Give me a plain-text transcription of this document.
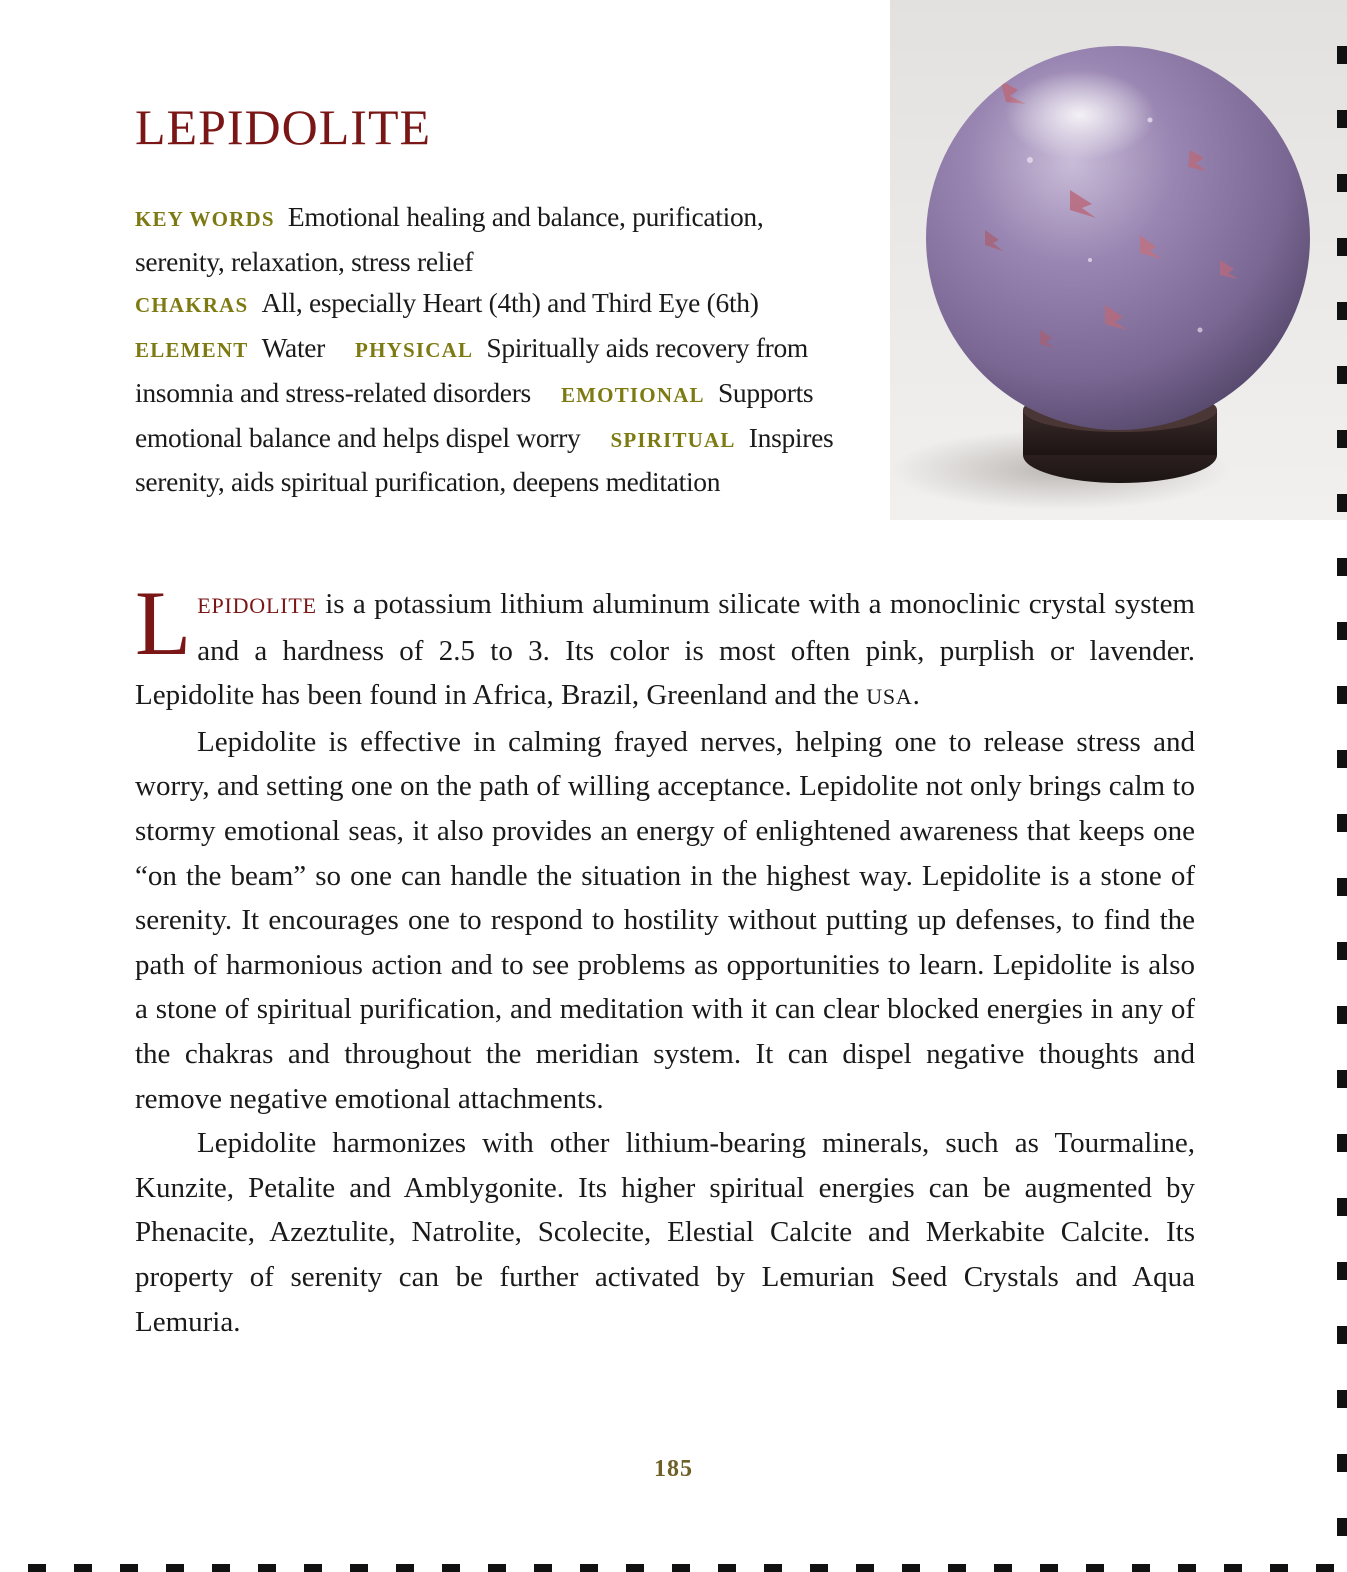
LEPIDOLITE

KEY WORDS Emotional healing and balance, purification, serenity, relaxation, stress relief

CHAKRAS All, especially Heart (4th) and Third Eye (6th)ELEMENT Water PHYSICAL Spiritually aids recovery from insomnia and stress-related disorders EMOTIONAL Supports emotional balance and helps dispel worry SPIRITUAL Inspires serenity, aids spiritual purification, deepens meditation

LEPIDOLITE is a potassium lithium aluminum silicate with a monoclinic crystal system and a hardness of 2.5 to 3. Its color is most often pink, purplish or lavender. Lepidolite has been found in Africa, Brazil, Greenland and the USA.

Lepidolite is effective in calming frayed nerves, helping one to release stress and worry, and setting one on the path of willing acceptance. Lepidolite not only brings calm to stormy emotional seas, it also provides an energy of enlightened awareness that keeps one “on the beam” so one can handle the situation in the highest way. Lepidolite is a stone of serenity. It encourages one to respond to hostility without putting up defenses, to find the path of harmonious action and to see problems as opportunities to learn. Lepidolite is also a stone of spiritual purification, and meditation with it can clear blocked energies in any of the chakras and throughout the meridian system. It can dispel negative thoughts and remove negative emotional attachments.

Lepidolite harmonizes with other lithium-bearing minerals, such as Tourmaline, Kunzite, Petalite and Amblygonite. Its higher spiritual energies can be augmented by Phenacite, Azeztulite, Natrolite, Scolecite, Elestial Calcite and Merkabite Calcite. Its property of serenity can be further activated by Lemurian Seed Crystals and Aqua Lemuria.

185
